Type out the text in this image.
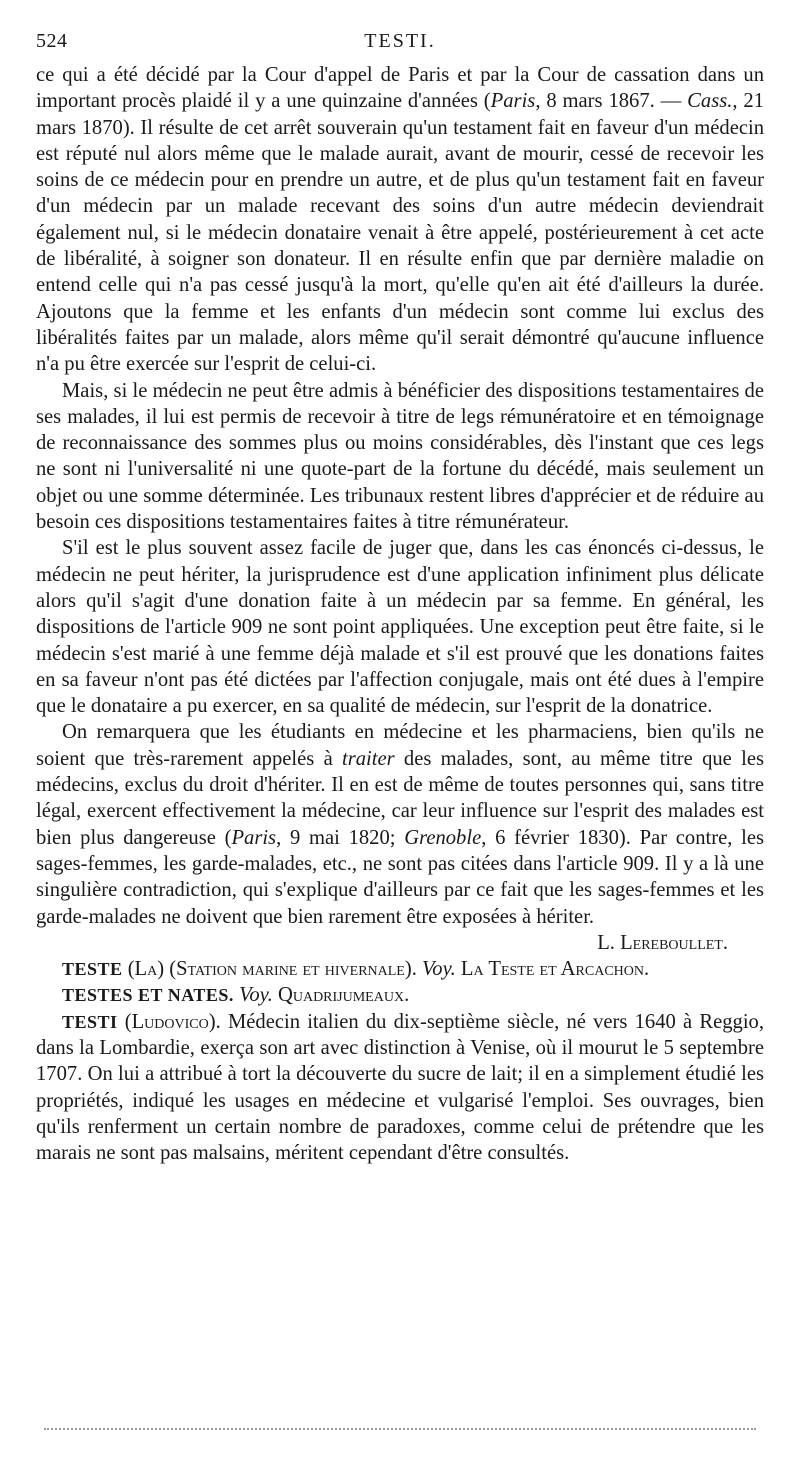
524	TESTI.

ce qui a été décidé par la Cour d'appel de Paris et par la Cour de cassation dans un important procès plaidé il y a une quinzaine d'années (Paris, 8 mars 1867. — Cass., 21 mars 1870). Il résulte de cet arrêt souverain qu'un testament fait en faveur d'un médecin est réputé nul alors même que le malade aurait, avant de mourir, cessé de recevoir les soins de ce médecin pour en prendre un autre, et de plus qu'un testament fait en faveur d'un médecin par un malade recevant des soins d'un autre médecin deviendrait également nul, si le médecin donataire venait à être appelé, postérieurement à cet acte de libéralité, à soigner son donateur. Il en résulte enfin que par dernière maladie on entend celle qui n'a pas cessé jusqu'à la mort, qu'elle qu'en ait été d'ailleurs la durée. Ajoutons que la femme et les enfants d'un médecin sont comme lui exclus des libéralités faites par un malade, alors même qu'il serait démontré qu'aucune influence n'a pu être exercée sur l'esprit de celui-ci.

Mais, si le médecin ne peut être admis à bénéficier des dispositions testamentaires de ses malades, il lui est permis de recevoir à titre de legs rémunératoire et en témoignage de reconnaissance des sommes plus ou moins considérables, dès l'instant que ces legs ne sont ni l'universalité ni une quote-part de la fortune du décédé, mais seulement un objet ou une somme déterminée. Les tribunaux restent libres d'apprécier et de réduire au besoin ces dispositions testamentaires faites à titre rémunérateur.

S'il est le plus souvent assez facile de juger que, dans les cas énoncés ci-dessus, le médecin ne peut hériter, la jurisprudence est d'une application infiniment plus délicate alors qu'il s'agit d'une donation faite à un médecin par sa femme. En général, les dispositions de l'article 909 ne sont point appliquées. Une exception peut être faite, si le médecin s'est marié à une femme déjà malade et s'il est prouvé que les donations faites en sa faveur n'ont pas été dictées par l'affection conjugale, mais ont été dues à l'empire que le donataire a pu exercer, en sa qualité de médecin, sur l'esprit de la donatrice.

On remarquera que les étudiants en médecine et les pharmaciens, bien qu'ils ne soient que très-rarement appelés à traiter des malades, sont, au même titre que les médecins, exclus du droit d'hériter. Il en est de même de toutes personnes qui, sans titre légal, exercent effectivement la médecine, car leur influence sur l'esprit des malades est bien plus dangereuse (Paris, 9 mai 1820; Grenoble, 6 février 1830). Par contre, les sages-femmes, les garde-malades, etc., ne sont pas citées dans l'article 909. Il y a là une singulière contradiction, qui s'explique d'ailleurs par ce fait que les sages-femmes et les garde-malades ne doivent que bien rarement être exposées à hériter.
L. Lereboullet.

TESTE (La) (Station marine et hivernale). Voy. La Teste et Arcachon.

TESTES ET NATES. Voy. Quadrijumeaux.

TESTI (Ludovico). Médecin italien du dix-septième siècle, né vers 1640 à Reggio, dans la Lombardie, exerça son art avec distinction à Venise, où il mourut le 5 septembre 1707. On lui a attribué à tort la découverte du sucre de lait; il en a simplement étudié les propriétés, indiqué les usages en médecine et vulgarisé l'emploi. Ses ouvrages, bien qu'ils renferment un certain nombre de paradoxes, comme celui de prétendre que les marais ne sont pas malsains, méritent cependant d'être consultés.
